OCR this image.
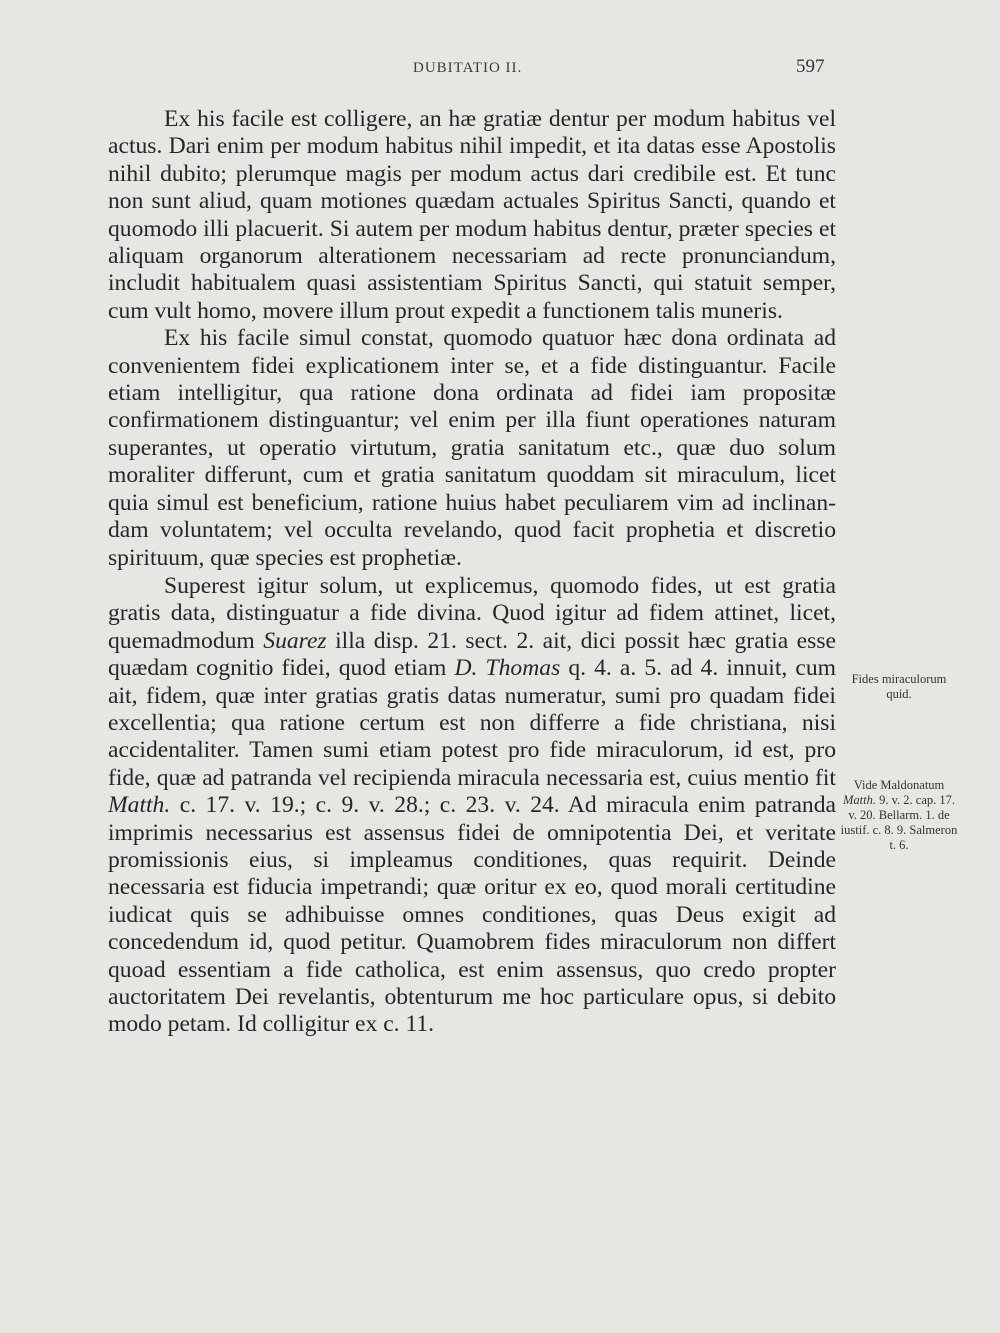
DUBITATIO II.	597

Ex his facile est colligere, an hæ gratiæ dentur per modum habitus vel actus. Dari enim per modum habitus nihil impedit, et ita datas esse Apostolis nihil dubito; plerumque magis per modum actus dari credibile est. Et tunc non sunt aliud, quam motiones quædam actuales Spiritus Sancti, quando et quomodo illi placuerit. Si autem per modum habitus dentur, præter species et aliquam organorum alterationem necessariam ad recte pronunciandum, includit habitualem quasi assistentiam Spiritus Sancti, qui statuit semper, cum vult homo, movere illum prout expedit a functionem talis muneris.

Ex his facile simul constat, quomodo quatuor hæc dona ordinata ad convenientem fidei explicationem inter se, et a fide distinguantur. Facile etiam intelligitur, qua ratione dona ordinata ad fidei iam propositæ confirmationem distinguantur; vel enim per illa fiunt operationes naturam superantes, ut operatio virtutum, gratia sanitatum etc., quæ duo solum moraliter differunt, cum et gratia sanitatum quoddam sit miraculum, licet quia simul est beneficium, ratione huius habet peculiarem vim ad inclinandam voluntatem; vel occulta revelando, quod facit prophetia et discretio spirituum, quæ species est prophetiæ.

Superest igitur solum, ut explicemus, quomodo fides, ut est gratia gratis data, distinguatur a fide divina. Quod igitur ad fidem attinet, licet, quemadmodum Suarez illa disp. 21. sect. 2. ait, dici possit hæc gratia esse quædam cognitio fidei, quod etiam D. Thomas q. 4. a. 5. ad 4. innuit, cum ait, fidem, quæ inter gratias gratis datas numeratur, sumi pro quadam fidei excellentia; qua ratione certum est non differre a fide christiana, nisi accidentaliter. Tamen sumi etiam potest pro fide miraculorum, id est, pro fide, quæ ad patranda vel recipienda miracula necessaria est, cuius mentio fit Matth. c. 17. v. 19.; c. 9. v. 28.; c. 23. v. 24. Ad miracula enim patranda imprimis necessarius est assensus fidei de omnipotentia Dei, et veritate promissionis eius, si impleamus conditiones, quas requirit. Deinde necessaria est fiducia impetrandi; quæ oritur ex eo, quod morali certitudine iudicat quis se adhibuisse omnes conditiones, quas Deus exigit ad concedendum id, quod petitur. Quamobrem fides miraculorum non differt quoad essentiam a fide catholica, est enim assensus, quo credo propter auctoritatem Dei revelantis, obtenturum me hoc particulare opus, si debito modo petam. Id colligitur ex c. 11.

Fides miraculorum quid.
Vide Maldonatum Matth. 9. v. 2. cap. 17. v. 20. Bellarm. 1. de iustif. c. 8. 9. Salmeron t. 6.
